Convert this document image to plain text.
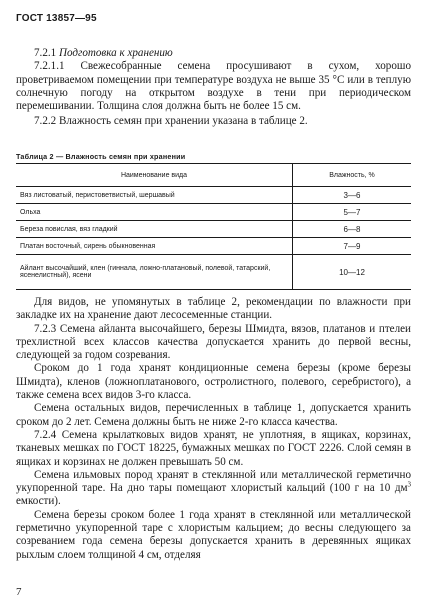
ГОСТ 13857—95

7.2.1 Подготовка к хранению

7.2.1.1 Свежесобранные семена просушивают в сухом, хорошо проветриваемом помещении при температуре воздуха не выше 35 °С или в теплую солнечную погоду на открытом воздухе в тени при периодическом перемешивании. Толщина слоя должна быть не более 15 см.

7.2.2 Влажность семян при хранении указана в таблице 2.

Таблица 2 — Влажность семян при хранении
Наименование вида	Влажность, %
Вяз листоватый, перистоветвистый, шершавый	3—6
Ольха	5—7
Береза повислая, вяз гладкий	6—8
Платан восточный, сирень обыкновенная	7—9
Айлант высочайший, клен (гиннала, ложно-платановый, полевой, татарский, ясенелистный), ясени	10—12

Для видов, не упомянутых в таблице 2, рекомендации по влажности при закладке их на хранение дают лесосеменные станции.

7.2.3 Семена айланта высочайшего, березы Шмидта, вязов, платанов и птелеи трехлистной всех классов качества допускается хранить до первой весны, следующей за годом созревания.

Сроком до 1 года хранят кондиционные семена березы (кроме березы Шмидта), кленов (ложноплатанового, остролистного, полевого, серебристого), а также семена всех видов 3-го класса.

Семена остальных видов, перечисленных в таблице 1, допускается хранить сроком до 2 лет. Семена должны быть не ниже 2-го класса качества.

7.2.4 Семена крылатковых видов хранят, не уплотняя, в ящиках, корзинах, тканевых мешках по ГОСТ 18225, бумажных мешках по ГОСТ 2226. Слой семян в ящиках и корзинах не должен превышать 50 см.

Семена ильмовых пород хранят в стеклянной или металлической герметично укупоренной таре. На дно тары помещают хлористый кальций (100 г на 10 $дм^3$ емкости).

Семена березы сроком более 1 года хранят в стеклянной или металлической герметично укупоренной таре с хлористым кальцием; до весны следующего за созреванием года семена березы допускается хранить в деревянных ящиках рыхлым слоем толщиной 4 см, отделяя

7
